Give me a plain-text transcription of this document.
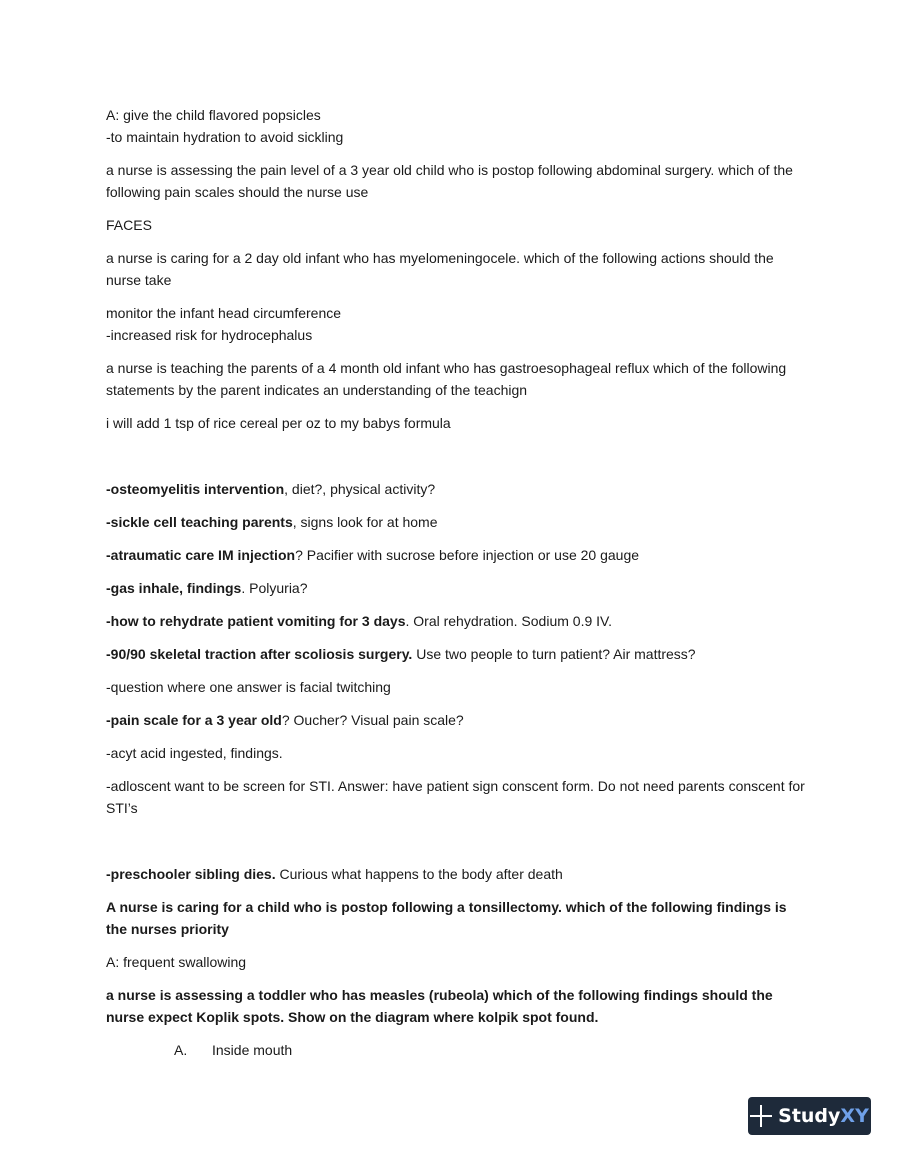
A: give the child flavored popsicles
-to maintain hydration to avoid sickling
a nurse is assessing the pain level of a 3 year old child who is postop following abdominal surgery. which of the following pain scales should the nurse use
FACES
a nurse is caring for a 2 day old infant who has myelomeningocele. which of the following actions should the nurse take
monitor the infant head circumference
-increased risk for hydrocephalus
a nurse is teaching the parents of a 4 month old infant who has gastroesophageal reflux which of the following statements by the parent indicates an understanding of the teachign
i will add 1 tsp of rice cereal per oz to my babys formula
-osteomyelitis intervention, diet?, physical activity?
-sickle cell teaching parents, signs look for at home
-atraumatic care IM injection? Pacifier with sucrose before injection or use 20 gauge
-gas inhale, findings. Polyuria?
-how to rehydrate patient vomiting for 3 days. Oral rehydration. Sodium 0.9 IV.
-90/90 skeletal traction after scoliosis surgery. Use two people to turn patient? Air mattress?
-question where one answer is facial twitching
-pain scale for a 3 year old? Oucher? Visual pain scale?
-acyt acid ingested, findings.
-adloscent want to be screen for STI. Answer: have patient sign conscent form. Do not need parents conscent for STI’s
-preschooler sibling dies. Curious what happens to the body after death
A nurse is caring for a child who is postop following a tonsillectomy. which of the following findings is the nurses priority
A: frequent swallowing
a nurse is assessing a toddler who has measles (rubeola) which of the following findings should the nurse expect Koplik spots. Show on the diagram where kolpik spot found.
A. Inside mouth
Study XY
